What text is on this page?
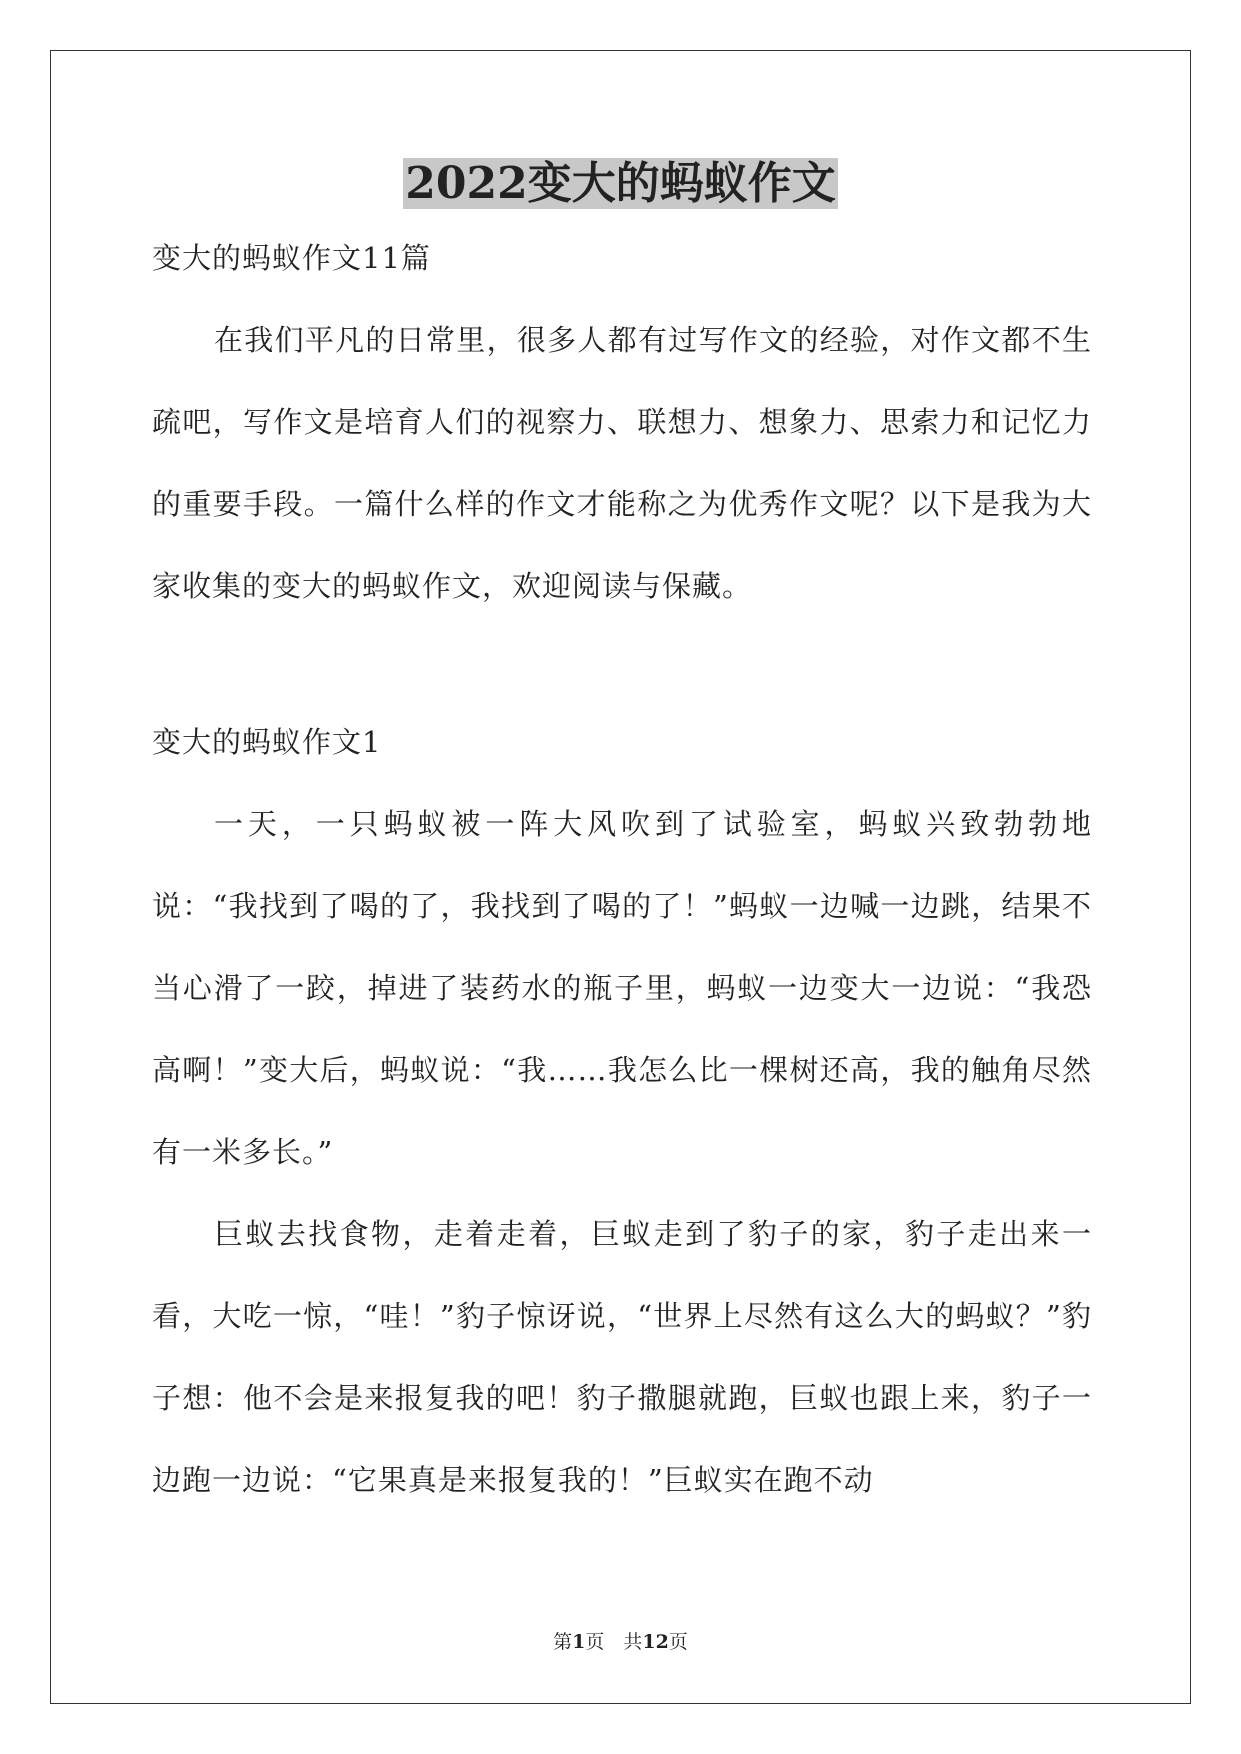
2022变大的蚂蚁作文

变大的蚂蚁作文11篇

在我们平凡的日常里，很多人都有过写作文的经验，对作文都不生疏吧，写作文是培育人们的视察力、联想力、想象力、思索力和记忆力的重要手段。一篇什么样的作文才能称之为优秀作文呢？以下是我为大家收集的变大的蚂蚁作文，欢迎阅读与保藏。

变大的蚂蚁作文1

一天，一只蚂蚁被一阵大风吹到了试验室，蚂蚁兴致勃勃地说：“我找到了喝的了，我找到了喝的了！”蚂蚁一边喊一边跳，结果不当心滑了一跤，掉进了装药水的瓶子里，蚂蚁一边变大一边说：“我恐高啊！”变大后，蚂蚁说：“我……我怎么比一棵树还高，我的触角尽然有一米多长。”

巨蚁去找食物，走着走着，巨蚁走到了豹子的家，豹子走出来一看，大吃一惊，“哇！”豹子惊讶说，“世界上尽然有这么大的蚂蚁？”豹子想：他不会是来报复我的吧！豹子撒腿就跑，巨蚁也跟上来，豹子一边跑一边说：“它果真是来报复我的！”巨蚁实在跑不动

第1页　共12页
